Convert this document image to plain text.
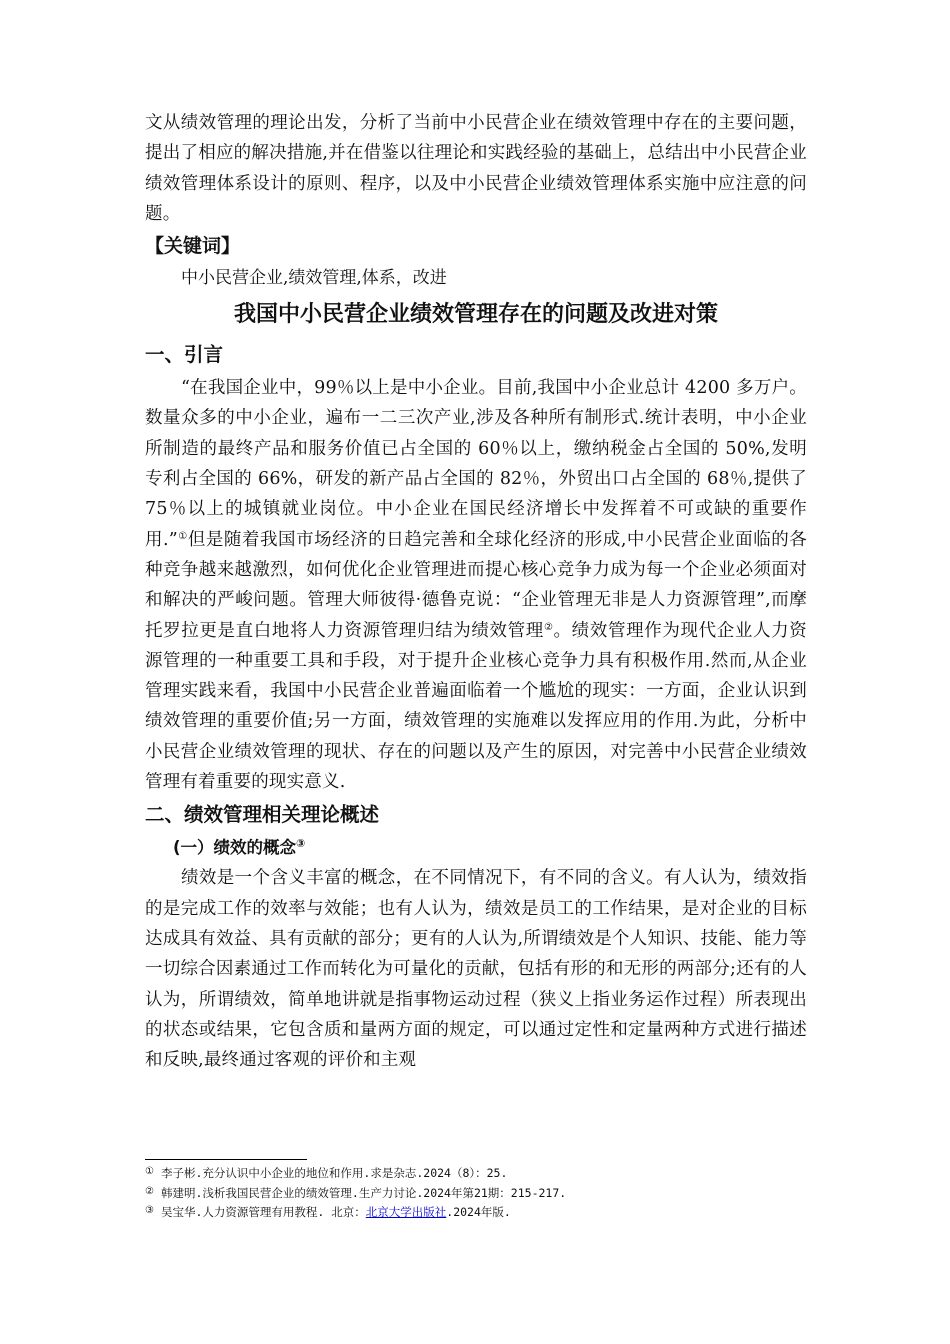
文从绩效管理的理论出发，分析了当前中小民营企业在绩效管理中存在的主要问题，提出了相应的解决措施,并在借鉴以往理论和实践经验的基础上，总结出中小民营企业绩效管理体系设计的原则、程序，以及中小民营企业绩效管理体系实施中应注意的问题。

【关键词】

中小民营企业,绩效管理,体系，改进

我国中小民营企业绩效管理存在的问题及改进对策

一、引言

“在我国企业中，99％以上是中小企业。目前,我国中小企业总计 4200 多万户。数量众多的中小企业，遍布一二三次产业,涉及各种所有制形式.统计表明，中小企业所制造的最终产品和服务价值已占全国的 60％以上，缴纳税金占全国的 50%,发明专利占全国的 66%，研发的新产品占全国的 82％，外贸出口占全国的 68％,提供了 75％以上的城镇就业岗位。中小企业在国民经济增长中发挥着不可或缺的重要作用.”①但是随着我国市场经济的日趋完善和全球化经济的形成,中小民营企业面临的各种竞争越来越激烈，如何优化企业管理进而提心核心竞争力成为每一个企业必须面对和解决的严峻问题。管理大师彼得·德鲁克说：“企业管理无非是人力资源管理”,而摩托罗拉更是直白地将人力资源管理归结为绩效管理②。绩效管理作为现代企业人力资源管理的一种重要工具和手段，对于提升企业核心竞争力具有积极作用.然而,从企业管理实践来看，我国中小民营企业普遍面临着一个尴尬的现实：一方面，企业认识到绩效管理的重要价值;另一方面，绩效管理的实施难以发挥应用的作用.为此，分析中小民营企业绩效管理的现状、存在的问题以及产生的原因，对完善中小民营企业绩效管理有着重要的现实意义.

二、绩效管理相关理论概述

(一）绩效的概念③

绩效是一个含义丰富的概念，在不同情况下，有不同的含义。有人认为，绩效指的是完成工作的效率与效能；也有人认为，绩效是员工的工作结果，是对企业的目标达成具有效益、具有贡献的部分；更有的人认为,所谓绩效是个人知识、技能、能力等一切综合因素通过工作而转化为可量化的贡献，包括有形的和无形的两部分;还有的人认为，所谓绩效，简单地讲就是指事物运动过程（狭义上指业务运作过程）所表现出的状态或结果，它包含质和量两方面的规定，可以通过定性和定量两种方式进行描述和反映,最终通过客观的评价和主观

① 李子彬.充分认识中小企业的地位和作用.求是杂志.2024（8）：25.

② 韩建明.浅析我国民营企业的绩效管理.生产力讨论.2024年第21期：215-217.

③ 吴宝华.人力资源管理有用教程. 北京：北京大学出版社.2024年版.
